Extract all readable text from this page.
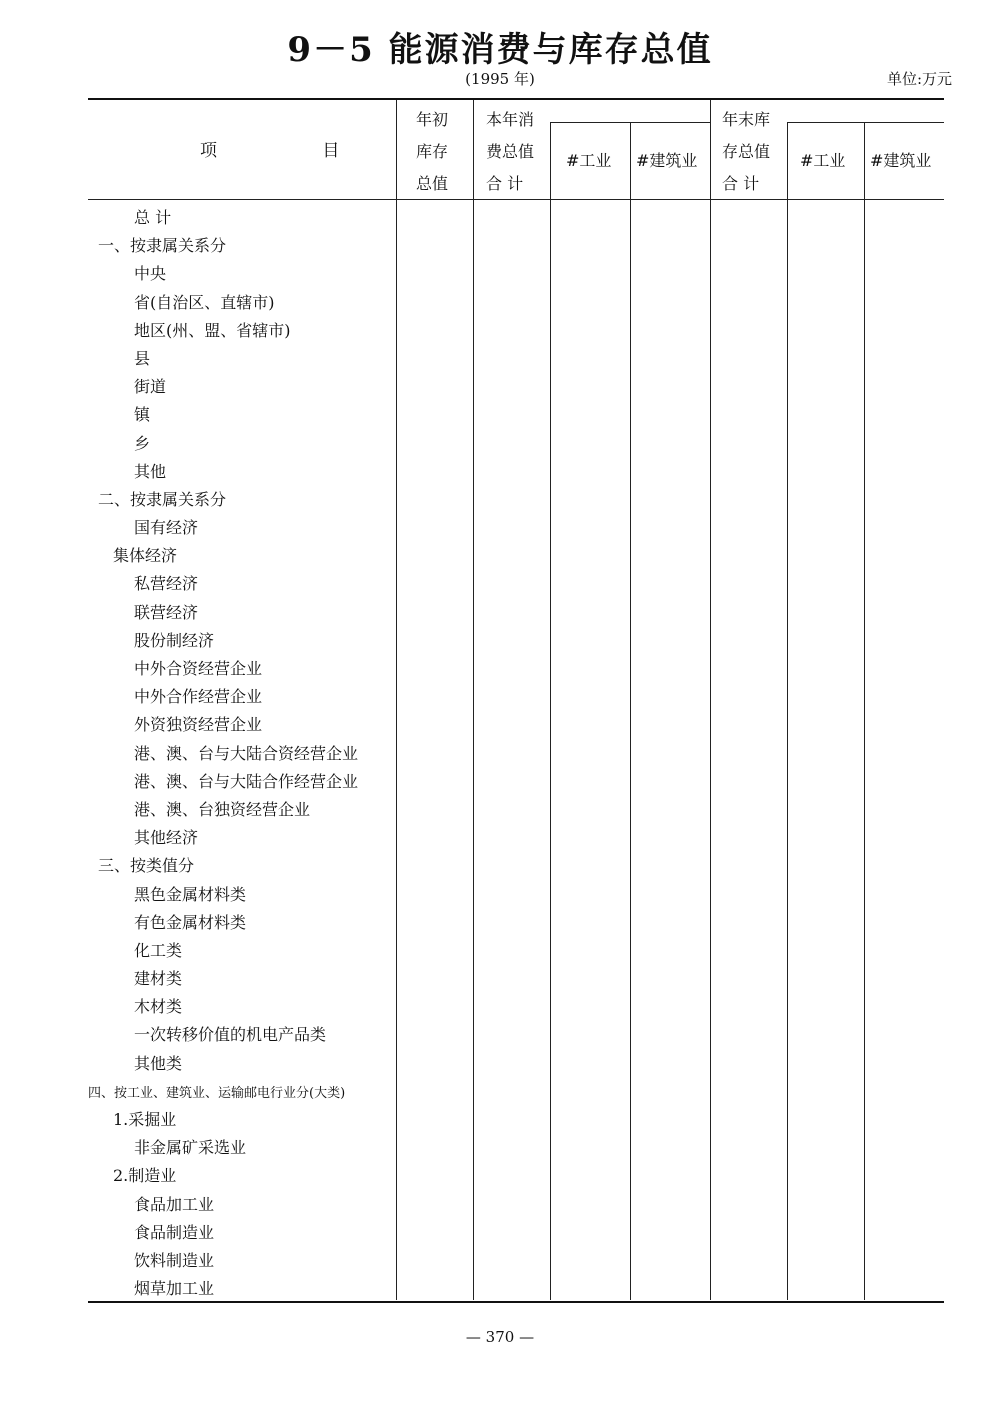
9－5 能源消费与库存总值
(1995 年)	单位:万元
项 目
年初
库存
总值
本年消
费总值
合 计
#工业 #建筑业
年末库
存总值
合 计
#工业 #建筑业
总 计
一、按隶属关系分
中央
省(自治区、直辖市)
地区(州、盟、省辖市)
县
街道
镇
乡
其他
二、按隶属关系分
国有经济
集体经济
私营经济
联营经济
股份制经济
中外合资经营企业
中外合作经营企业
外资独资经营企业
港、澳、台与大陆合资经营企业
港、澳、台与大陆合作经营企业
港、澳、台独资经营企业
其他经济
三、按类值分
黑色金属材料类
有色金属材料类
化工类
建材类
木材类
一次转移价值的机电产品类
其他类
四、按工业、建筑业、运输邮电行业分(大类)
1.采掘业
非金属矿采选业
2.制造业
食品加工业
食品制造业
饮料制造业
烟草加工业
— 370 —
